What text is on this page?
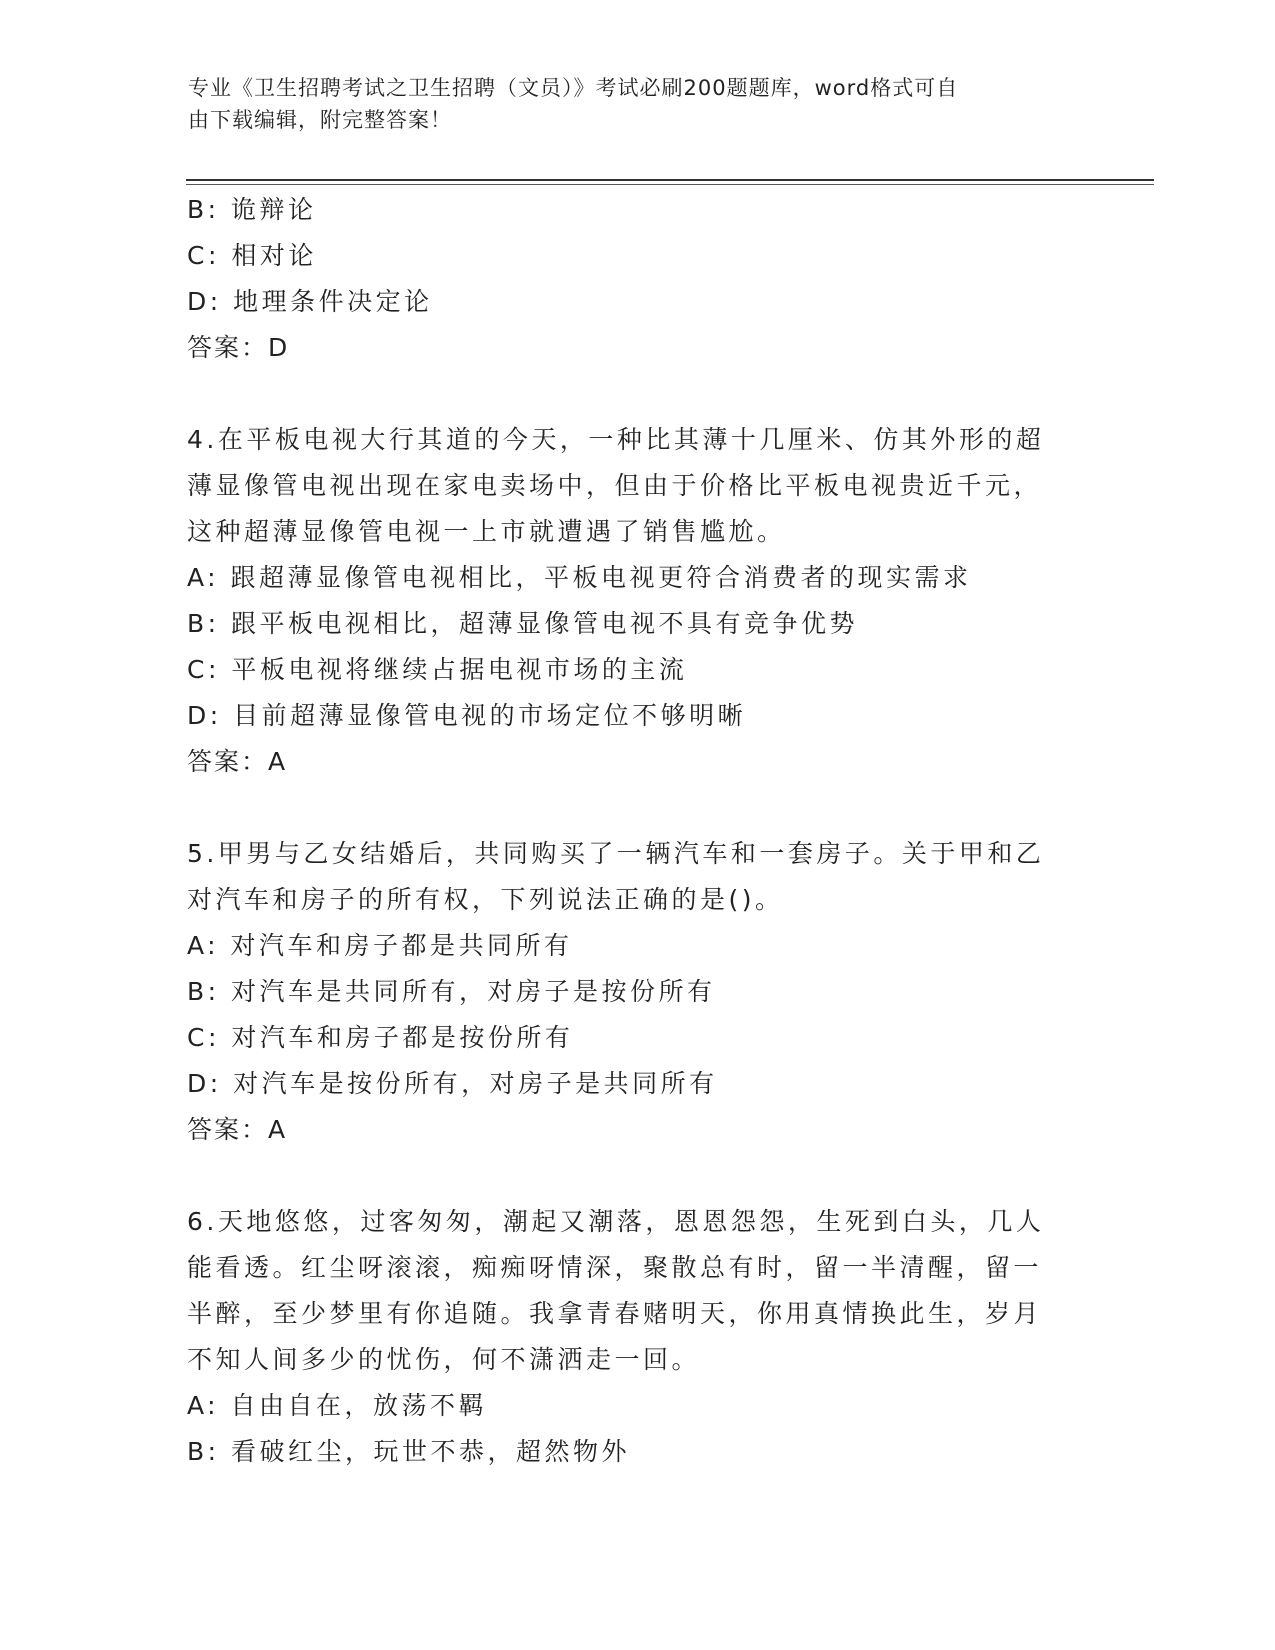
专业《卫生招聘考试之卫生招聘（文员）》考试必刷200题题库，word格式可自
由下载编辑，附完整答案！
B: 诡辩论
C: 相对论
D: 地理条件决定论
答案：D
4.在平板电视大行其道的今天，一种比其薄十几厘米、仿其外形的超
薄显像管电视出现在家电卖场中，但由于价格比平板电视贵近千元，
这种超薄显像管电视一上市就遭遇了销售尴尬。
A: 跟超薄显像管电视相比，平板电视更符合消费者的现实需求
B: 跟平板电视相比，超薄显像管电视不具有竞争优势
C: 平板电视将继续占据电视市场的主流
D: 目前超薄显像管电视的市场定位不够明晰
答案：A
5.甲男与乙女结婚后，共同购买了一辆汽车和一套房子。关于甲和乙
对汽车和房子的所有权，下列说法正确的是()。
A: 对汽车和房子都是共同所有
B: 对汽车是共同所有，对房子是按份所有
C: 对汽车和房子都是按份所有
D: 对汽车是按份所有，对房子是共同所有
答案：A
6.天地悠悠，过客匆匆，潮起又潮落，恩恩怨怨，生死到白头，几人
能看透。红尘呀滚滚，痴痴呀情深，聚散总有时，留一半清醒，留一
半醉，至少梦里有你追随。我拿青春赌明天，你用真情换此生，岁月
不知人间多少的忧伤，何不潇洒走一回。
A: 自由自在，放荡不羁
B: 看破红尘，玩世不恭，超然物外
